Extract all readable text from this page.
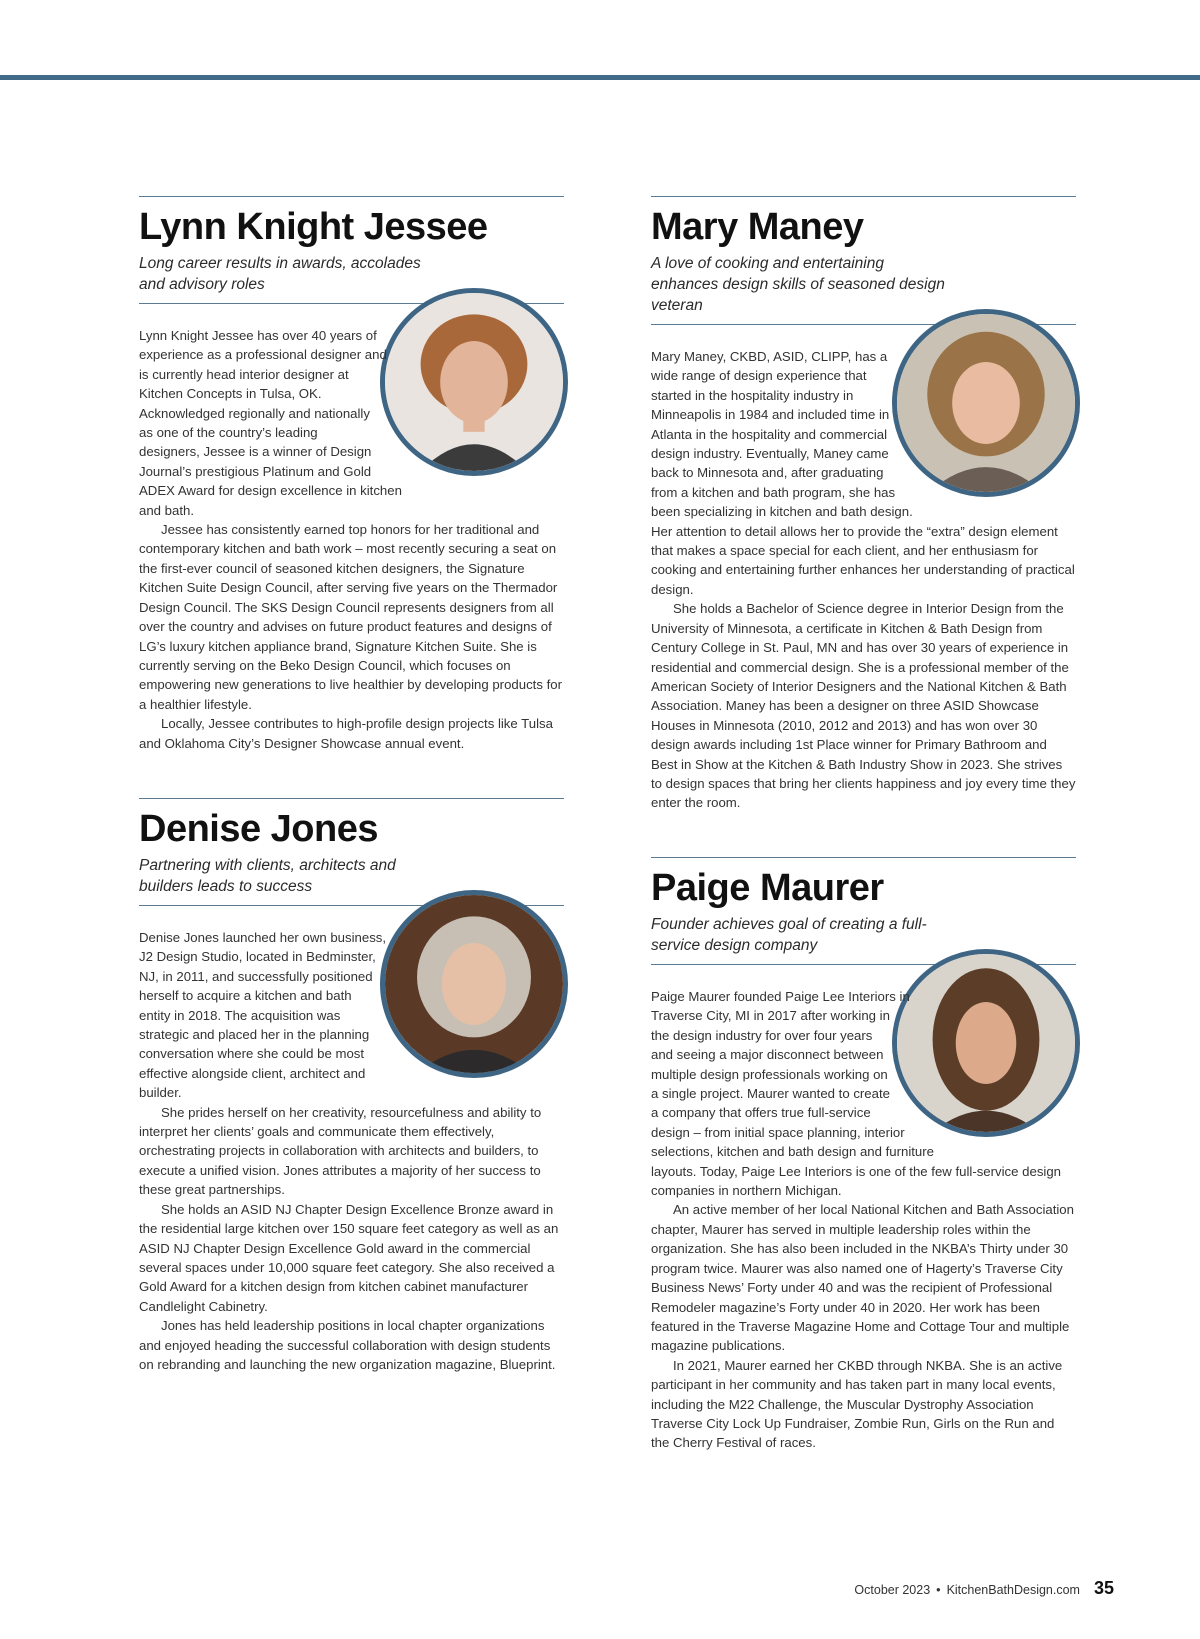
Lynn Knight Jessee

Long career results in awards, accolades and advisory roles

Lynn Knight Jessee has over 40 years of experience as a professional designer and is currently head interior designer at Kitchen Concepts in Tulsa, OK. Acknowledged regionally and nationally as one of the country’s leading designers, Jessee is a winner of Design Journal’s prestigious Platinum and Gold ADEX Award for design excellence in kitchen and bath.

Jessee has consistently earned top honors for her traditional and contemporary kitchen and bath work – most recently securing a seat on the first-ever council of seasoned kitchen designers, the Signature Kitchen Suite Design Council, after serving five years on the Thermador Design Council. The SKS Design Council represents designers from all over the country and advises on future product features and designs of LG’s luxury kitchen appliance brand, Signature Kitchen Suite. She is currently serving on the Beko Design Council, which focuses on empowering new generations to live healthier by developing products for a healthier lifestyle.

Locally, Jessee contributes to high-profile design projects like Tulsa and Oklahoma City’s Designer Showcase annual event.

Mary Maney

A love of cooking and entertaining enhances design skills of seasoned design veteran

Mary Maney, CKBD, ASID, CLIPP, has a wide range of design experience that started in the hospitality industry in Minneapolis in 1984 and included time in Atlanta in the hospitality and commercial design industry. Eventually, Maney came back to Minnesota and, after graduating from a kitchen and bath program, she has been specializing in kitchen and bath design. Her attention to detail allows her to provide the “extra” design element that makes a space special for each client, and her enthusiasm for cooking and entertaining further enhances her understanding of practical design.

She holds a Bachelor of Science degree in Interior Design from the University of Minnesota, a certificate in Kitchen & Bath Design from Century College in St. Paul, MN and has over 30 years of experience in residential and commercial design. She is a professional member of the American Society of Interior Designers and the National Kitchen & Bath Association. Maney has been a designer on three ASID Showcase Houses in Minnesota (2010, 2012 and 2013) and has won over 30 design awards including 1st Place winner for Primary Bathroom and Best in Show at the Kitchen & Bath Industry Show in 2023. She strives to design spaces that bring her clients happiness and joy every time they enter the room.

Denise Jones

Partnering with clients, architects and builders leads to success

Denise Jones launched her own business, J2 Design Studio, located in Bedminster, NJ, in 2011, and successfully positioned herself to acquire a kitchen and bath entity in 2018. The acquisition was strategic and placed her in the planning conversation where she could be most effective alongside client, architect and builder.

She prides herself on her creativity, resourcefulness and ability to interpret her clients’ goals and communicate them effectively, orchestrating projects in collaboration with architects and builders, to execute a unified vision. Jones attributes a majority of her success to these great partnerships.

She holds an ASID NJ Chapter Design Excellence Bronze award in the residential large kitchen over 150 square feet category as well as an ASID NJ Chapter Design Excellence Gold award in the commercial several spaces under 10,000 square feet category. She also received a Gold Award for a kitchen design from kitchen cabinet manufacturer Candlelight Cabinetry.

Jones has held leadership positions in local chapter organizations and enjoyed heading the successful collaboration with design students on rebranding and launching the new organization magazine, Blueprint.

Paige Maurer

Founder achieves goal of creating a full-service design company

Paige Maurer founded Paige Lee Interiors in Traverse City, MI in 2017 after working in the design industry for over four years and seeing a major disconnect between multiple design professionals working on a single project. Maurer wanted to create a company that offers true full-service design – from initial space planning, interior selections, kitchen and bath design and furniture layouts. Today, Paige Lee Interiors is one of the few full-service design companies in northern Michigan.

An active member of her local National Kitchen and Bath Association chapter, Maurer has served in multiple leadership roles within the organization. She has also been included in the NKBA’s Thirty under 30 program twice. Maurer was also named one of Hagerty’s Traverse City Business News’ Forty under 40 and was the recipient of Professional Remodeler magazine’s Forty under 40 in 2020. Her work has been featured in the Traverse Magazine Home and Cottage Tour and multiple magazine publications.

In 2021, Maurer earned her CKBD through NKBA. She is an active participant in her community and has taken part in many local events, including the M22 Challenge, the Muscular Dystrophy Association Traverse City Lock Up Fundraiser, Zombie Run, Girls on the Run and the Cherry Festival of races.

October 2023 • KitchenBathDesign.com 35
